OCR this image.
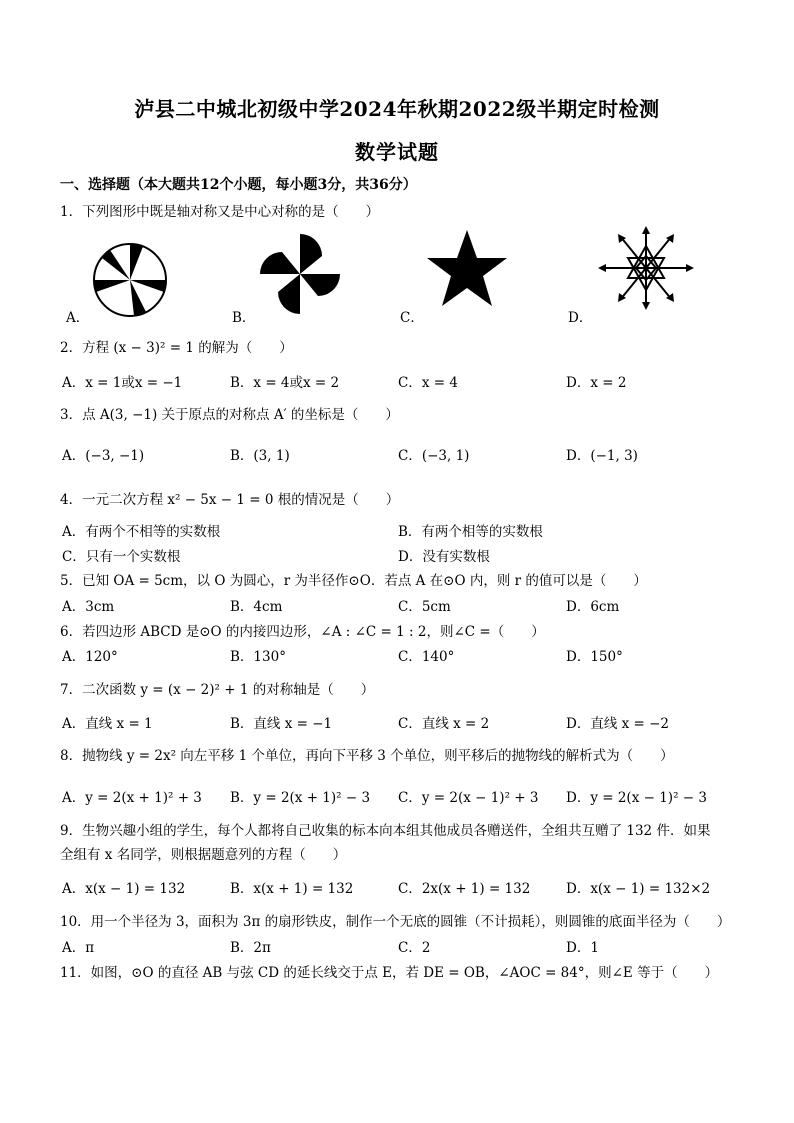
泸县二中城北初级中学2024年秋期2022级半期定时检测
数学试题
一、选择题（本大题共12个小题，每小题3分，共36分）
1．下列图形中既是轴对称又是中心对称的是（　　）
A．	B．	C．	D．
2．方程 (x − 3)² = 1 的解为（　　）
A．x = 1或x = −1	B．x = 4或x = 2	C．x = 4	D．x = 2
3．点 A(3, −1) 关于原点的对称点 A′ 的坐标是（　　）
A．(−3, −1)	B．(3, 1)	C．(−3, 1)	D．(−1, 3)
4．一元二次方程 x² − 5x − 1 = 0 根的情况是（　　）
A．有两个不相等的实数根	B．有两个相等的实数根
C．只有一个实数根	D．没有实数根
5．已知 OA = 5cm，以 O 为圆心，r 为半径作⊙O．若点 A 在⊙O 内，则 r 的值可以是（　　）
A．3cm	B．4cm	C．5cm	D．6cm
6．若四边形 ABCD 是⊙O 的内接四边形，∠A : ∠C = 1 : 2，则∠C =（　　）
A．120°	B．130°	C．140°	D．150°
7．二次函数 y = (x − 2)² + 1 的对称轴是（　　）
A．直线 x = 1	B．直线 x = −1	C．直线 x = 2	D．直线 x = −2
8．抛物线 y = 2x² 向左平移 1 个单位，再向下平移 3 个单位，则平移后的抛物线的解析式为（　　）
A．y = 2(x + 1)² + 3 B．y = 2(x + 1)² − 3 C．y = 2(x − 1)² + 3 D．y = 2(x − 1)² − 3
9．生物兴趣小组的学生，每个人都将自己收集的标本向本组其他成员各赠送件，全组共互赠了 132 件．如果
全组有 x 名同学，则根据题意列的方程（　　）
A．x(x − 1) = 132	B．x(x + 1) = 132	C．2x(x + 1) = 132	D．x(x − 1) = 132×2
10．用一个半径为 3，面积为 3π 的扇形铁皮，制作一个无底的圆锥（不计损耗），则圆锥的底面半径为（　　）
A．π	B．2π	C．2	D．1
11．如图，⊙O 的直径 AB 与弦 CD 的延长线交于点 E，若 DE = OB，∠AOC = 84°，则∠E 等于（　　）
